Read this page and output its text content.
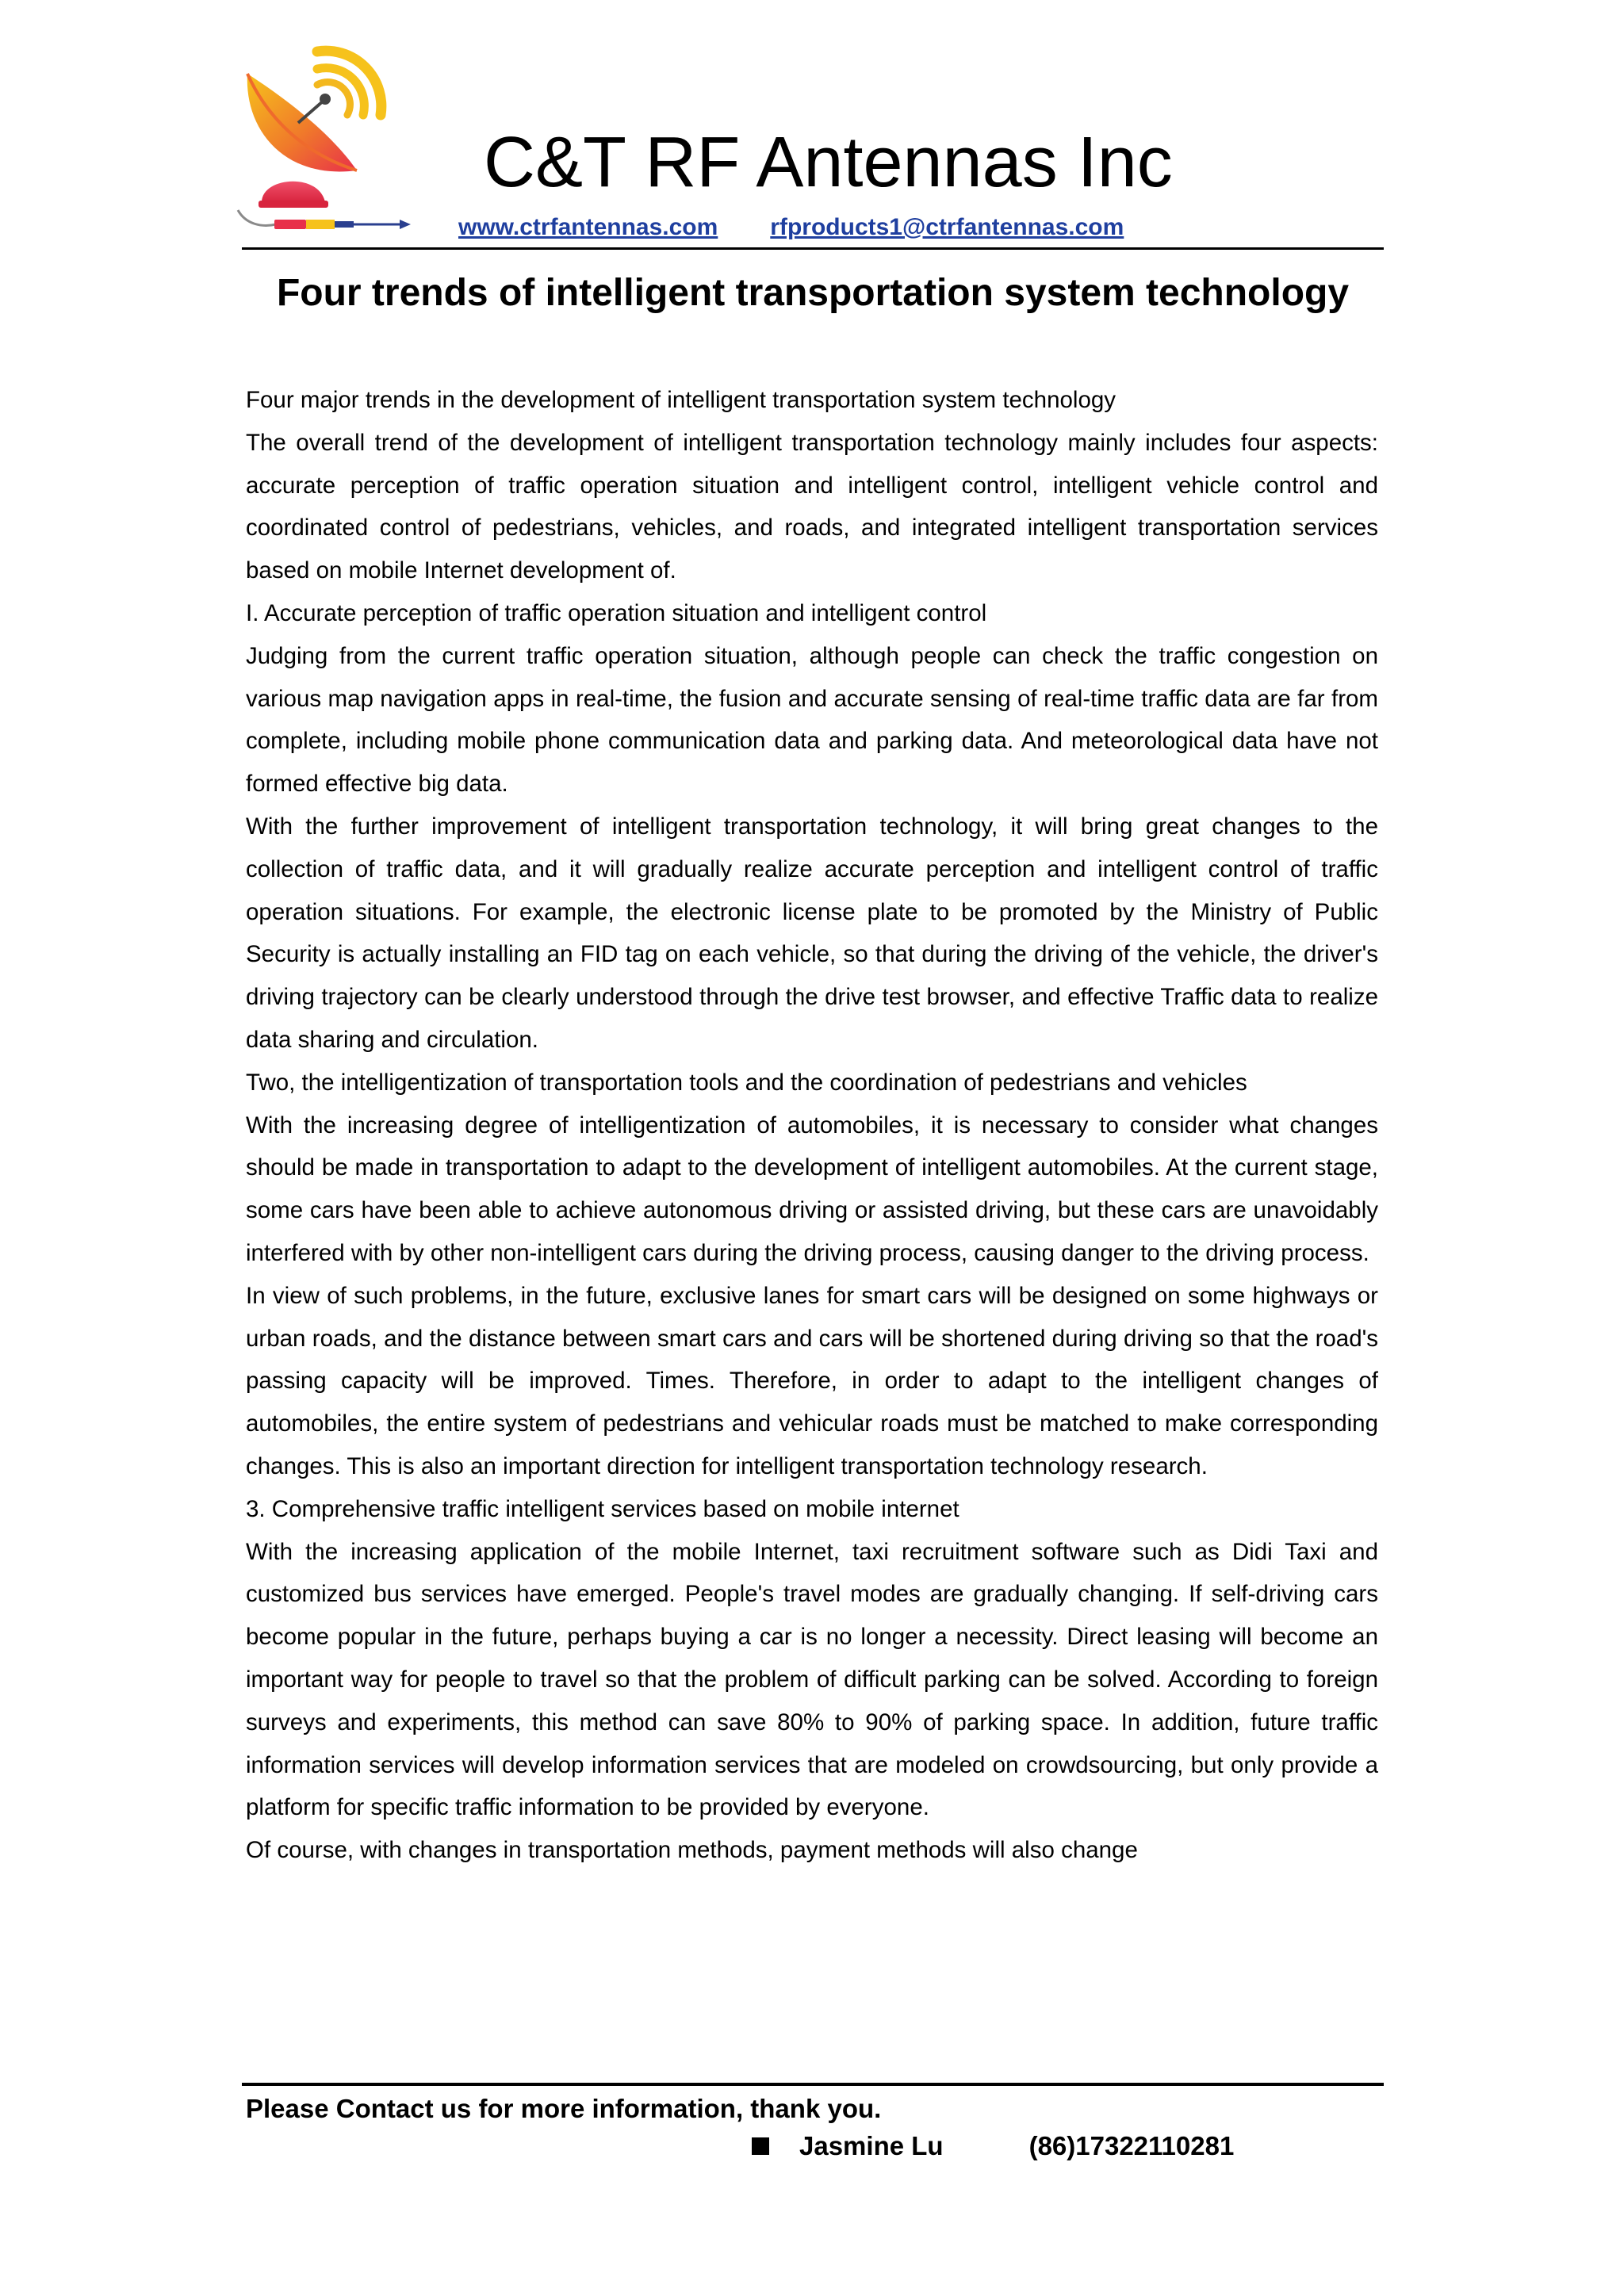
C&T RF Antennas Inc
www.ctrfantennas.com rfproducts1@ctrfantennas.com
Four trends of intelligent transportation system technology

Four major trends in the development of intelligent transportation system technology

The overall trend of the development of intelligent transportation technology mainly includes four aspects: accurate perception of traffic operation situation and intelligent control, intelligent vehicle control and coordinated control of pedestrians, vehicles, and roads, and integrated intelligent transportation services based on mobile Internet development of.

I. Accurate perception of traffic operation situation and intelligent control

Judging from the current traffic operation situation, although people can check the traffic congestion on various map navigation apps in real-time, the fusion and accurate sensing of real-time traffic data are far from complete, including mobile phone communication data and parking data. And meteorological data have not formed effective big data.

With the further improvement of intelligent transportation technology, it will bring great changes to the collection of traffic data, and it will gradually realize accurate perception and intelligent control of traffic operation situations. For example, the electronic license plate to be promoted by the Ministry of Public Security is actually installing an FID tag on each vehicle, so that during the driving of the vehicle, the driver's driving trajectory can be clearly understood through the drive test browser, and effective Traffic data to realize data sharing and circulation.

Two, the intelligentization of transportation tools and the coordination of pedestrians and vehicles

With the increasing degree of intelligentization of automobiles, it is necessary to consider what changes should be made in transportation to adapt to the development of intelligent automobiles. At the current stage, some cars have been able to achieve autonomous driving or assisted driving, but these cars are unavoidably interfered with by other non-intelligent cars during the driving process, causing danger to the driving process.

In view of such problems, in the future, exclusive lanes for smart cars will be designed on some highways or urban roads, and the distance between smart cars and cars will be shortened during driving so that the road's passing capacity will be improved. Times. Therefore, in order to adapt to the intelligent changes of automobiles, the entire system of pedestrians and vehicular roads must be matched to make corresponding changes. This is also an important direction for intelligent transportation technology research.

3. Comprehensive traffic intelligent services based on mobile internet

With the increasing application of the mobile Internet, taxi recruitment software such as Didi Taxi and customized bus services have emerged. People's travel modes are gradually changing. If self-driving cars become popular in the future, perhaps buying a car is no longer a necessity. Direct leasing will become an important way for people to travel so that the problem of difficult parking can be solved. According to foreign surveys and experiments, this method can save 80% to 90% of parking space. In addition, future traffic information services will develop information services that are modeled on crowdsourcing, but only provide a platform for specific traffic information to be provided by everyone.

Of course, with changes in transportation methods, payment methods will also change

Please Contact us for more information, thank you.

Jasmine Lu	(86)17322110281
